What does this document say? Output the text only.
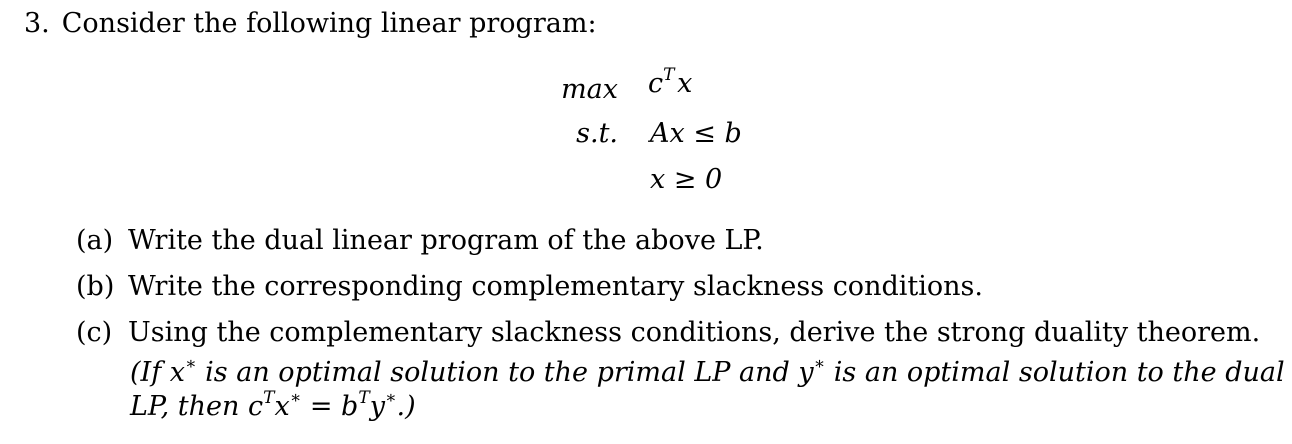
3. Consider the following linear program:
$\max c^T$  x
s.t. Ax ≤ b
x ≥ 0
(a) Write the dual linear program of the above LP.
(b) Write the corresponding complementary slackness conditions.
(c) Using the complementary slackness conditions, derive the strong duality theorem.
(If x∗ is an optimal solution to the primal LP and y∗ is an optimal solution to the dual
LP, then $c^Tx^∗ = b^Ty^∗$.)
